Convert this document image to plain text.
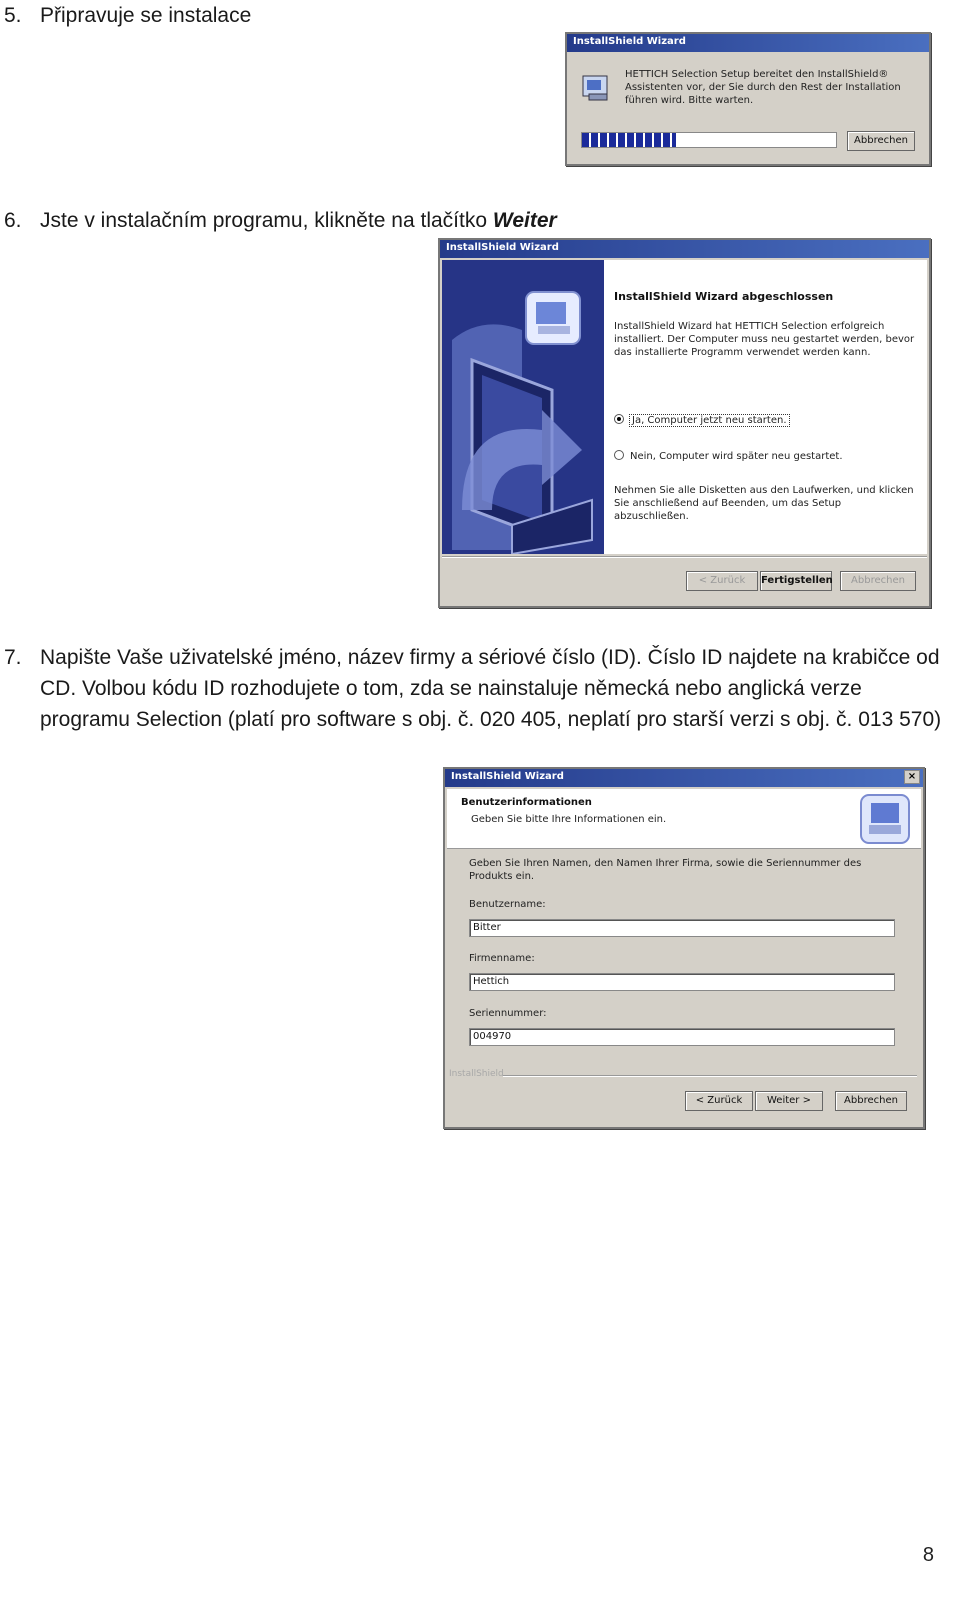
5. Připravuje se instalace
InstallShield Wizard
HETTICH Selection Setup bereitet den InstallShield® Assistenten vor, der Sie durch den Rest der Installation führen wird. Bitte warten.
Abbrechen
6. Jste v instalačním programu, klikněte na tlačítko Weiter
InstallShield Wizard
InstallShield Wizard abgeschlossen
InstallShield Wizard hat HETTICH Selection erfolgreich installiert. Der Computer muss neu gestartet werden, bevor das installierte Programm verwendet werden kann.
Ja, Computer jetzt neu starten.
Nein, Computer wird später neu gestartet.
Nehmen Sie alle Disketten aus den Laufwerken, und klicken Sie anschließend auf Beenden, um das Setup abzuschließen.
< Zurück	Fertigstellen	Abbrechen
7. Napište Vaše uživatelské jméno, název firmy a sériové číslo (ID). Číslo ID najdete na krabičce od CD. Volbou kódu ID rozhodujete o tom, zda se nainstaluje německá nebo anglická verze programu Selection (platí pro software s obj. č. 020 405, neplatí pro starší verzi s obj. č. 013 570)
InstallShield Wizard	×
Benutzerinformationen
Geben Sie bitte Ihre Informationen ein.
Geben Sie Ihren Namen, den Namen Ihrer Firma, sowie die Seriennummer des Produkts ein.
Benutzername:
Bitter
Firmenname:
Hettich
Seriennummer:
004970
InstallShield
< Zurück	Weiter >	Abbrechen
8
